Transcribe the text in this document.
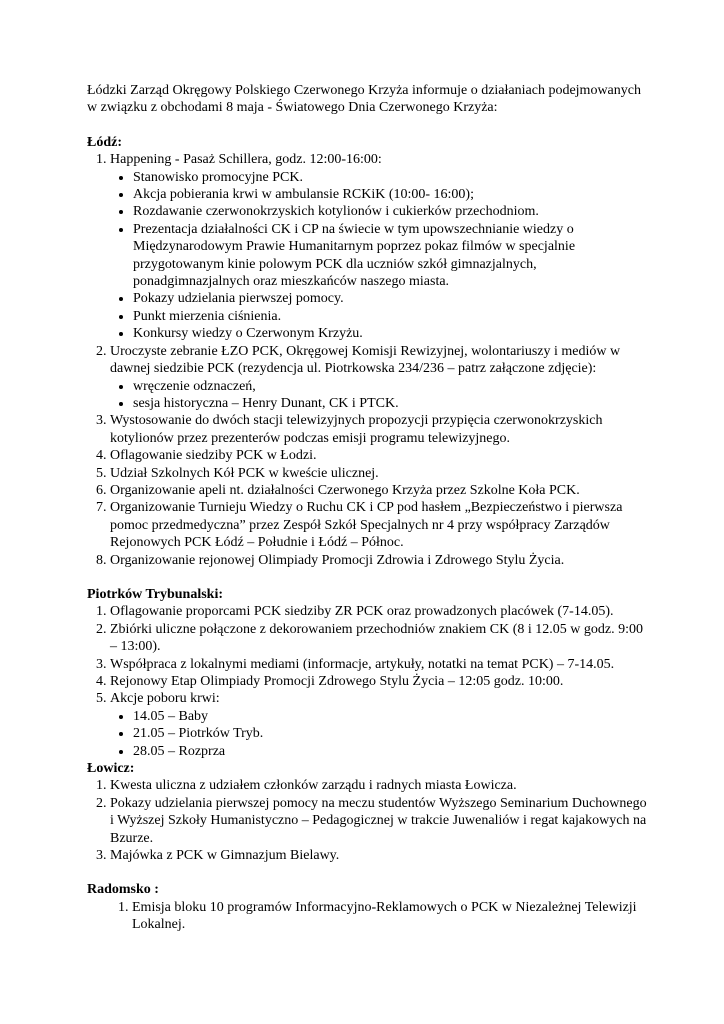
Łódzki Zarząd Okręgowy Polskiego Czerwonego Krzyża informuje o działaniach podejmowanych w związku z obchodami 8 maja - Światowego Dnia Czerwonego Krzyża:

Łódź:

1. Happening - Pasaż Schillera, godz. 12:00-16:00:
• Stanowisko promocyjne PCK.
• Akcja pobierania krwi w ambulansie RCKiK (10:00- 16:00);
• Rozdawanie czerwonokrzyskich kotylionów i cukierków przechodniom.
• Prezentacja działalności CK i CP na świecie w tym upowszechnianie wiedzy o Międzynarodowym Prawie Humanitarnym poprzez pokaz filmów w specjalnie przygotowanym kinie polowym PCK dla uczniów szkół gimnazjalnych, ponadgimnazjalnych oraz mieszkańców naszego miasta.
• Pokazy udzielania pierwszej pomocy.
• Punkt mierzenia ciśnienia.
• Konkursy wiedzy o Czerwonym Krzyżu.
2. Uroczyste zebranie ŁZO PCK, Okręgowej Komisji Rewizyjnej, wolontariuszy i mediów w dawnej siedzibie PCK (rezydencja ul. Piotrkowska 234/236 – patrz załączone zdjęcie):
• wręczenie odznaczeń,
• sesja historyczna – Henry Dunant, CK i PTCK.
3. Wystosowanie do dwóch stacji telewizyjnych propozycji przypięcia czerwonokrzyskich kotylionów przez prezenterów podczas emisji programu telewizyjnego.
4. Oflagowanie siedziby PCK w Łodzi.
5. Udział Szkolnych Kół PCK w kweście ulicznej.
6. Organizowanie apeli nt. działalności Czerwonego Krzyża przez Szkolne Koła PCK.
7. Organizowanie Turnieju Wiedzy o Ruchu CK i CP pod hasłem „Bezpieczeństwo i pierwsza pomoc przedmedyczna” przez Zespół Szkół Specjalnych nr 4 przy współpracy Zarządów Rejonowych PCK Łódź – Południe i Łódź – Północ.
8. Organizowanie rejonowej Olimpiady Promocji Zdrowia i Zdrowego Stylu Życia.

Piotrków Trybunalski:

1. Oflagowanie proporcami PCK siedziby ZR PCK oraz prowadzonych placówek (7-14.05).
2. Zbiórki uliczne połączone z dekorowaniem przechodniów znakiem CK (8 i 12.05 w godz. 9:00 – 13:00).
3. Współpraca z lokalnymi mediami (informacje, artykuły, notatki na temat PCK) – 7-14.05.
4. Rejonowy Etap Olimpiady Promocji Zdrowego Stylu Życia – 12:05 godz. 10:00.
5. Akcje poboru krwi:
• 14.05 – Baby
• 21.05 – Piotrków Tryb.
• 28.05 – Rozprza

Łowicz:

1. Kwesta uliczna z udziałem członków zarządu i radnych miasta Łowicza.
2. Pokazy udzielania pierwszej pomocy na meczu studentów Wyższego Seminarium Duchownego i Wyższej Szkoły Humanistyczno – Pedagogicznej w trakcie Juwenaliów i regat kajakowych na Bzurze.
3. Majówka z PCK w Gimnazjum Bielawy.

Radomsko :

1. Emisja bloku 10 programów Informacyjno-Reklamowych o PCK w Niezależnej Telewizji Lokalnej.
